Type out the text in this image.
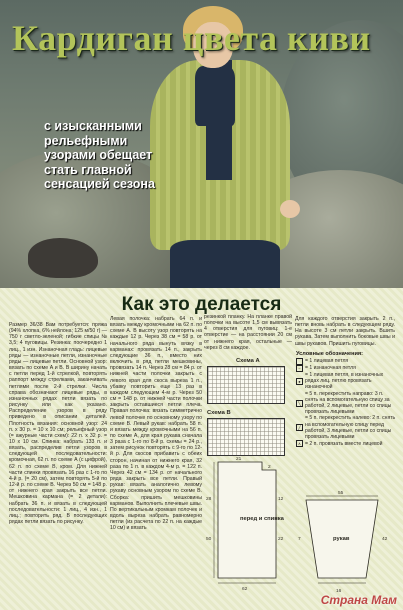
Кардиган цвета киви

с изысканными рельефными узорами обещает стать главной сенсацией сезона

Как это делается

Размер 36/38 Вам потребуется: пряжа (94% хлопка, 6% нейлона; 125 м/50 г) — 750 г светло-зеленой; гибкие спицы № 3,5; 4 пуговицы. Резинка: поочередно 1 лиц., 1 изн. Изнаночная гладь: лицевые ряды — изнаночные петли, изнаночные ряды — лицевые петли. Основной узор: вязать по схеме А и В. В ширину начать с петли перед 1-й стрелкой, повторять раппорт между стрелками, заканчивать петлями после 2-й стрелки. Числа справа обозначают лицевые ряды, в изнаночных рядах петли вязать по рисунку или как указано. Распределение узоров в ряду приведено в описании деталей. Плотность вязания: основной узор: 24 п. х 30 р. = 10 х 10 см; рельефный узор (= ажурные части схем): 22 п. х 32 р. = 10 х 10 см. Спинка: набрать 133 п. и вязать, распределив петли узоров в следующей последовательности: кромочная, 62 п. по схеме А (с цифрой), 62 п. по схеме В, кром. Для нижней части спинки провязать 16 раз с 1-го по 4-й р. (= 20 см), затем повторять 5-й по 12-й р. по схеме В. Через 50 см = 148 р. от нижнего края закрыть все петли. Мешковина кармана (= 2 детали): набрать 36 п. и вязать в следующей последовательности: 1 лиц., 4 изн., 1 лиц.; повторить ряд. В последующих рядах петли вязать по рисунку.

Левая полочка: набрать 64 п. и вязать между кромочными на 62 п. по схеме А. В высоту узор повторять на каждые 12 р. Через 38 см = 58 р. от начального ряда вынуть вязку в карманах: провязать 14 п., закрыть следующие 36 п., вместо них включить в ряд петли мешковины, провязать 14 п. Через 28 см = 84 р. от нижней части полочки закрыть с левого края для скоса выреза 1 п., убавку повторить еще 13 раз в каждом следующем 4-м р. Через 50 см = 148 р. от нижней части полочки закрыть оставшиеся петли плеча. Правая полочка: вязать симметрично левой полочке по основному узору по схеме В. Левый рукав: набрать 58 п. и вязать между кромочными на 56 п. по схеме А, для края рукава сначала 3 раза с 1-го по 8-й р. схемы = 24 р., затем рисунок повторять с 9-го по 12-й р. Для скосов прибавить с обеих сторон, начиная от нижнего края, 32 раза по 1 п. в каждом 4-м р. = 122 п. Через 42 см = 134 р. от начального ряда закрыть все петли. Правый рукав: вязать аналогично левому рукаву основным узором по схеме В. Сборка: пришить мешковины карманов. Выполнить плечевые швы. По вертикальным кромкам полочек и вдоль выреза набрать равномерно петли (из расчета по 22 п. на каждые 10 см) и вязать

резинкой планку. На планке правой полочки на высоте 1,5 см вывязать 4 отверстия для пуговиц: 1-е отверстие — на расстоянии 20 см от нижнего края, остальные — через 8 см каждое.

Для каждого отверстия закрыть 2 п., петли вновь набрать в следующем ряду. На высоте 3 см петли закрыть. Вшить рукава. Затем выполнить боковые швы и швы рукавов. Пришить пуговицы.

Схема А
Схема В
перед и спинка
рукав
21
2
28
50
12
22
62
7
16
42
55
Условные обозначения:
= 1 лицевая петля
− = 1 изнаночная петля
●
= 1 лицевая петля, в изнаночных рядах лиц. петлю провязать изнаночной
╲
= 5 п. перекрестить направо: 3 п. снять на вспомогательную спицу за работой, 2 лицевые, петли со спицы провязать лицевыми
╱
= 5 п. перекрестить налево: 2 п. снять на вспомогательную спицу перед работой, 3 лицевые, петли со спицы провязать лицевыми
∧ = 2 п. провязать вместе лицевой
Страна Мам
